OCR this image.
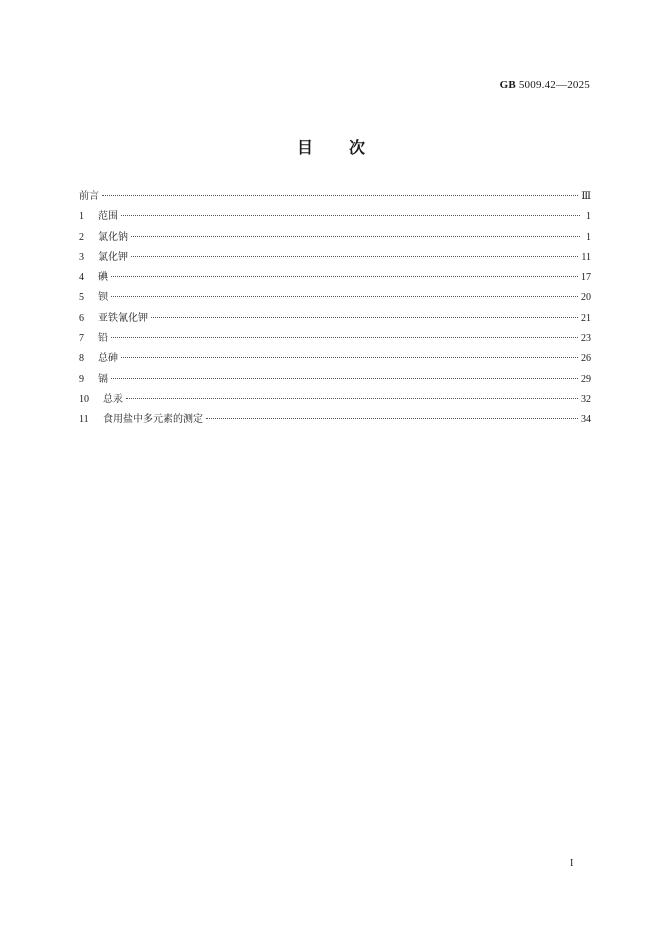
GB 5009.42—2025
目次
前言	Ⅲ
1	范围	1
2	氯化钠	1
3	氯化钾	11
4	碘	17
5	钡	20
6	亚铁氰化钾	21
7	铅	23
8	总砷	26
9	镉	29
10	总汞	32
11	食用盐中多元素的测定	34
I
